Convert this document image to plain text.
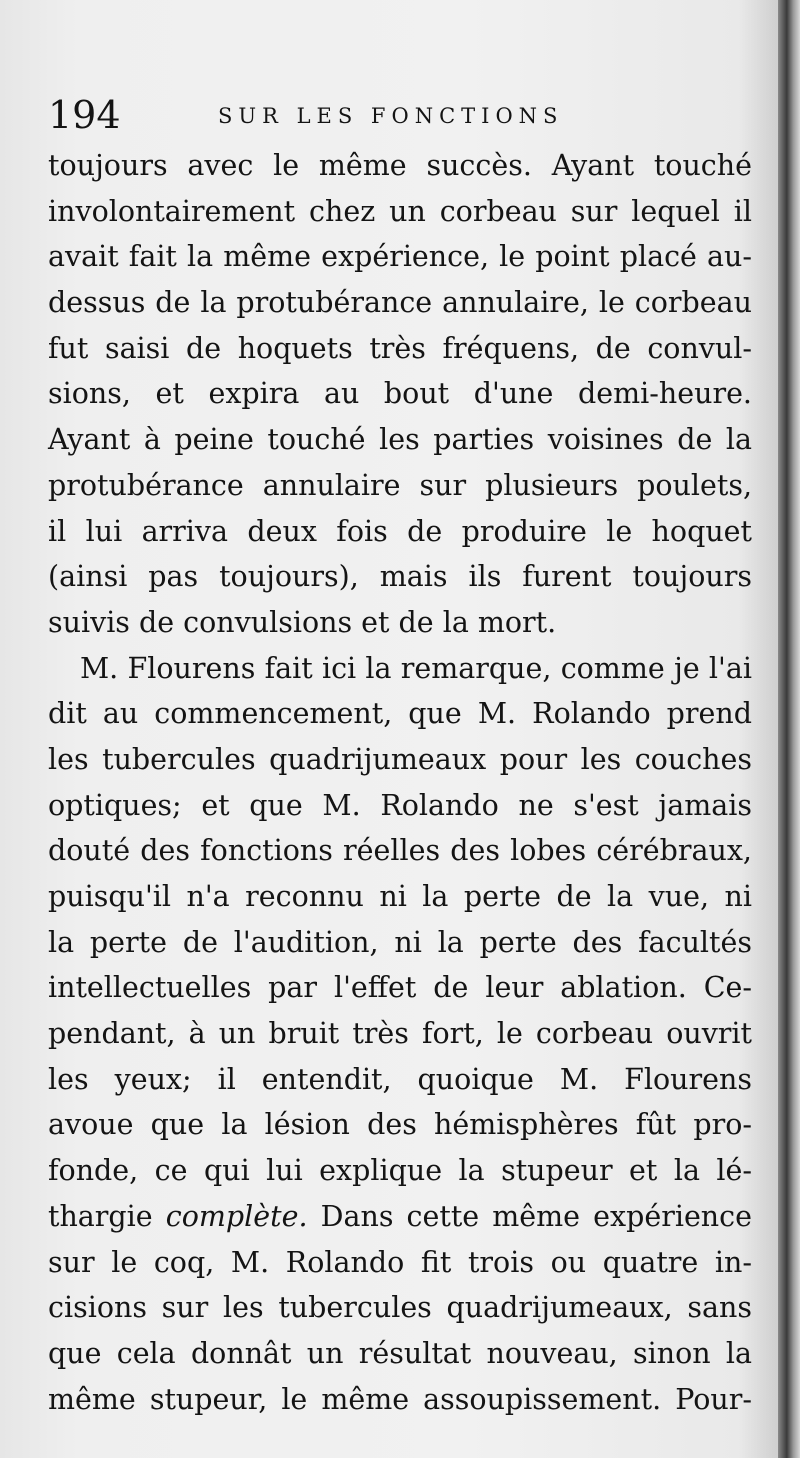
194	SUR LES FONCTIONS
toujours avec le même succès. Ayant touché
involontairement chez un corbeau sur lequel il
avait fait la même expérience, le point placé au-
dessus de la protubérance annulaire, le corbeau
fut saisi de hoquets très fréquens, de convul-
sions, et expira au bout d'une demi-heure.
Ayant à peine touché les parties voisines de la
protubérance annulaire sur plusieurs poulets,
il lui arriva deux fois de produire le hoquet
(ainsi pas toujours), mais ils furent toujours
suivis de convulsions et de la mort.
M. Flourens fait ici la remarque, comme je l'ai
dit au commencement, que M. Rolando prend
les tubercules quadrijumeaux pour les couches
optiques; et que M. Rolando ne s'est jamais
douté des fonctions réelles des lobes cérébraux,
puisqu'il n'a reconnu ni la perte de la vue, ni
la perte de l'audition, ni la perte des facultés
intellectuelles par l'effet de leur ablation. Ce-
pendant, à un bruit très fort, le corbeau ouvrit
les yeux; il entendit, quoique M. Flourens
avoue que la lésion des hémisphères fût pro-
fonde, ce qui lui explique la stupeur et la lé-
thargie complète. Dans cette même expérience
sur le coq, M. Rolando fit trois ou quatre in-
cisions sur les tubercules quadrijumeaux, sans
que cela donnât un résultat nouveau, sinon la
même stupeur, le même assoupissement. Pour-
